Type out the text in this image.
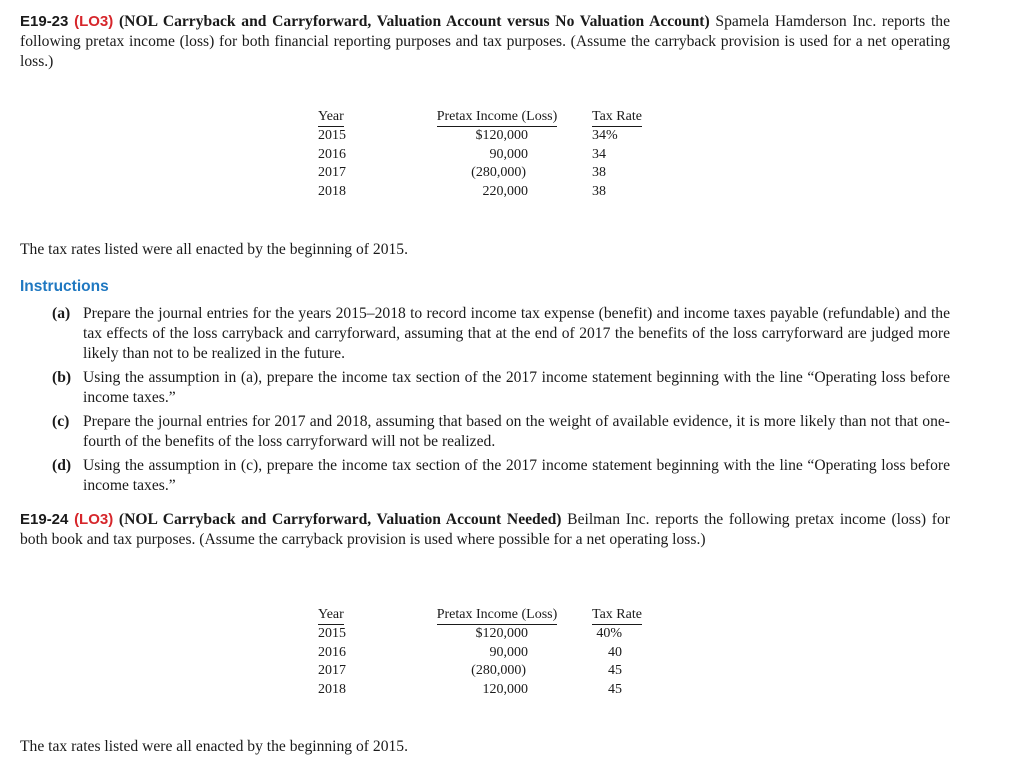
E19-23 (LO3) (NOL Carryback and Carryforward, Valuation Account versus No Valuation Account) Spamela Hamderson Inc. reports the following pretax income (loss) for both financial reporting purposes and tax purposes. (Assume the carryback provision is used for a net operating loss.)

Year	Pretax Income (Loss)	Tax Rate
2015	$120,000	34%
2016	90,000	34
2017	(280,000)	38
2018	220,000	38

The tax rates listed were all enacted by the beginning of 2015.

Instructions

(a) Prepare the journal entries for the years 2015–2018 to record income tax expense (benefit) and income taxes payable (refundable) and the tax effects of the loss carryback and carryforward, assuming that at the end of 2017 the benefits of the loss carryforward are judged more likely than not to be realized in the future.
(b) Using the assumption in (a), prepare the income tax section of the 2017 income statement beginning with the line “Operating loss before income taxes.”
(c) Prepare the journal entries for 2017 and 2018, assuming that based on the weight of available evidence, it is more likely than not that one-fourth of the benefits of the loss carryforward will not be realized.
(d) Using the assumption in (c), prepare the income tax section of the 2017 income statement beginning with the line “Operating loss before income taxes.”

E19-24 (LO3) (NOL Carryback and Carryforward, Valuation Account Needed) Beilman Inc. reports the following pretax income (loss) for both book and tax purposes. (Assume the carryback provision is used where possible for a net operating loss.)

Year	Pretax Income (Loss)	Tax Rate
2015	$120,000	40%
2016	90,000	40
2017	(280,000)	45
2018	120,000	45

The tax rates listed were all enacted by the beginning of 2015.
